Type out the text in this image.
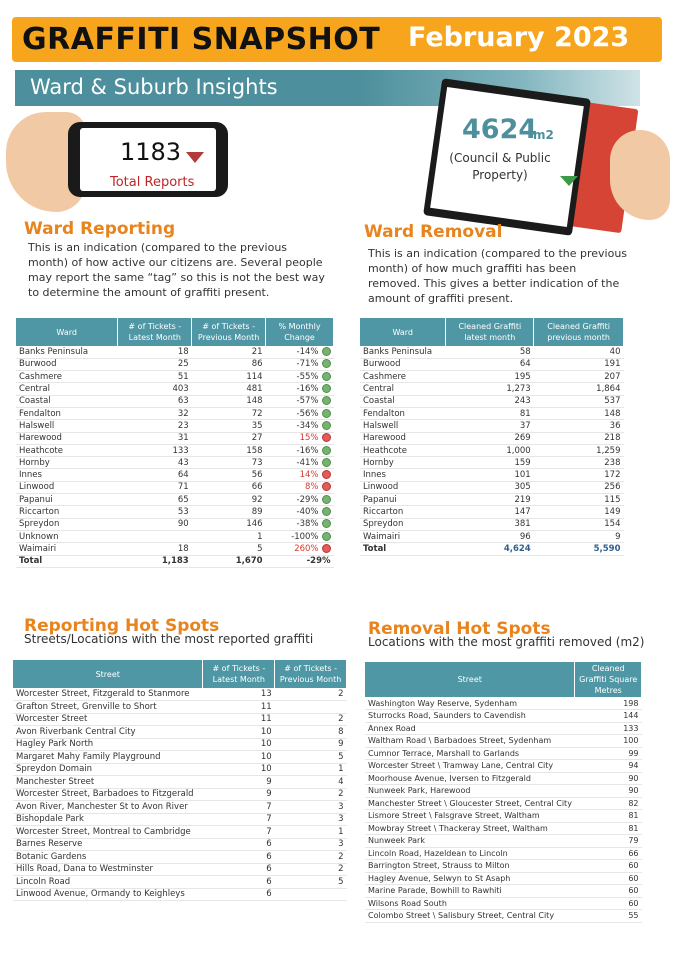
GRAFFITI SNAPSHOT February 2023
Ward & Suburb Insights
1183
Total Reports
4624
m2
(Council & Public Property)
Ward Reporting
This is an indication (compared to the previous month) of how active our citizens are. Several people may report the same “tag” so this is not the best way to determine the amount of graffiti present.
Ward Removal
This is an indication (compared to the previous month) of how much graffiti has been removed. This gives a better indication of the amount of graffiti present.
Ward	# of Tickets - Latest Month	# of Tickets - Previous Month	% Monthly Change
Banks Peninsula	18	21	-14%
Burwood	25	86	-71%
Cashmere	51	114	-55%
Central	403	481	-16%
Coastal	63	148	-57%
Fendalton	32	72	-56%
Halswell	23	35	-34%
Harewood	31	27	15%
Heathcote	133	158	-16%
Hornby	43	73	-41%
Innes	64	56	14%
Linwood	71	66	8%
Papanui	65	92	-29%
Riccarton	53	89	-40%
Spreydon	90	146	-38%
Unknown		1	-100%
Waimairi	18	5	260%
Total	1,183	1,670	-29%
Ward	Cleaned Graffiti latest month	Cleaned Graffiti previous month
Banks Peninsula	58	40
Burwood	64	191
Cashmere	195	207
Central	1,273	1,864
Coastal	243	537
Fendalton	81	148
Halswell	37	36
Harewood	269	218
Heathcote	1,000	1,259
Hornby	159	238
Innes	101	172
Linwood	305	256
Papanui	219	115
Riccarton	147	149
Spreydon	381	154
Waimairi	96	9
Total	4,624	5,590
Reporting Hot Spots
Streets/Locations with the most reported graffiti
Street	# of Tickets - Latest Month	# of Tickets - Previous Month
Worcester Street, Fitzgerald to Stanmore	13	2
Grafton Street, Grenville to Short	11	
Worcester Street	11	2
Avon Riverbank Central City	10	8
Hagley Park North	10	9
Margaret Mahy Family Playground	10	5
Spreydon Domain	10	1
Manchester Street	9	4
Worcester Street, Barbadoes to Fitzgerald	9	2
Avon River, Manchester St to Avon River	7	3
Bishopdale Park	7	3
Worcester Street, Montreal to Cambridge	7	1
Barnes Reserve	6	3
Botanic Gardens	6	2
Hills Road, Dana to Westminster	6	2
Lincoln Road	6	5
Linwood Avenue, Ormandy to Keighleys	6	
Removal Hot Spots
Locations with the most graffiti removed (m2)
Street	Cleaned Graffiti Square Metres
Washington Way Reserve, Sydenham	198
Sturrocks Road, Saunders to Cavendish	144
Annex Road	133
Waltham Road \ Barbadoes Street, Sydenham	100
Cumnor Terrace, Marshall to Garlands	99
Worcester Street \ Tramway Lane, Central City	94
Moorhouse Avenue, Iversen to Fitzgerald	90
Nunweek Park, Harewood	90
Manchester Street \ Gloucester Street, Central City	82
Lismore Street \ Falsgrave Street, Waltham	81
Mowbray Street \ Thackeray Street, Waltham	81
Nunweek Park	79
Lincoln Road, Hazeldean to Lincoln	66
Barrington Street, Strauss to Milton	60
Hagley Avenue, Selwyn to St Asaph	60
Marine Parade, Bowhill to Rawhiti	60
Wilsons Road South	60
Colombo Street \ Salisbury Street, Central City	55
